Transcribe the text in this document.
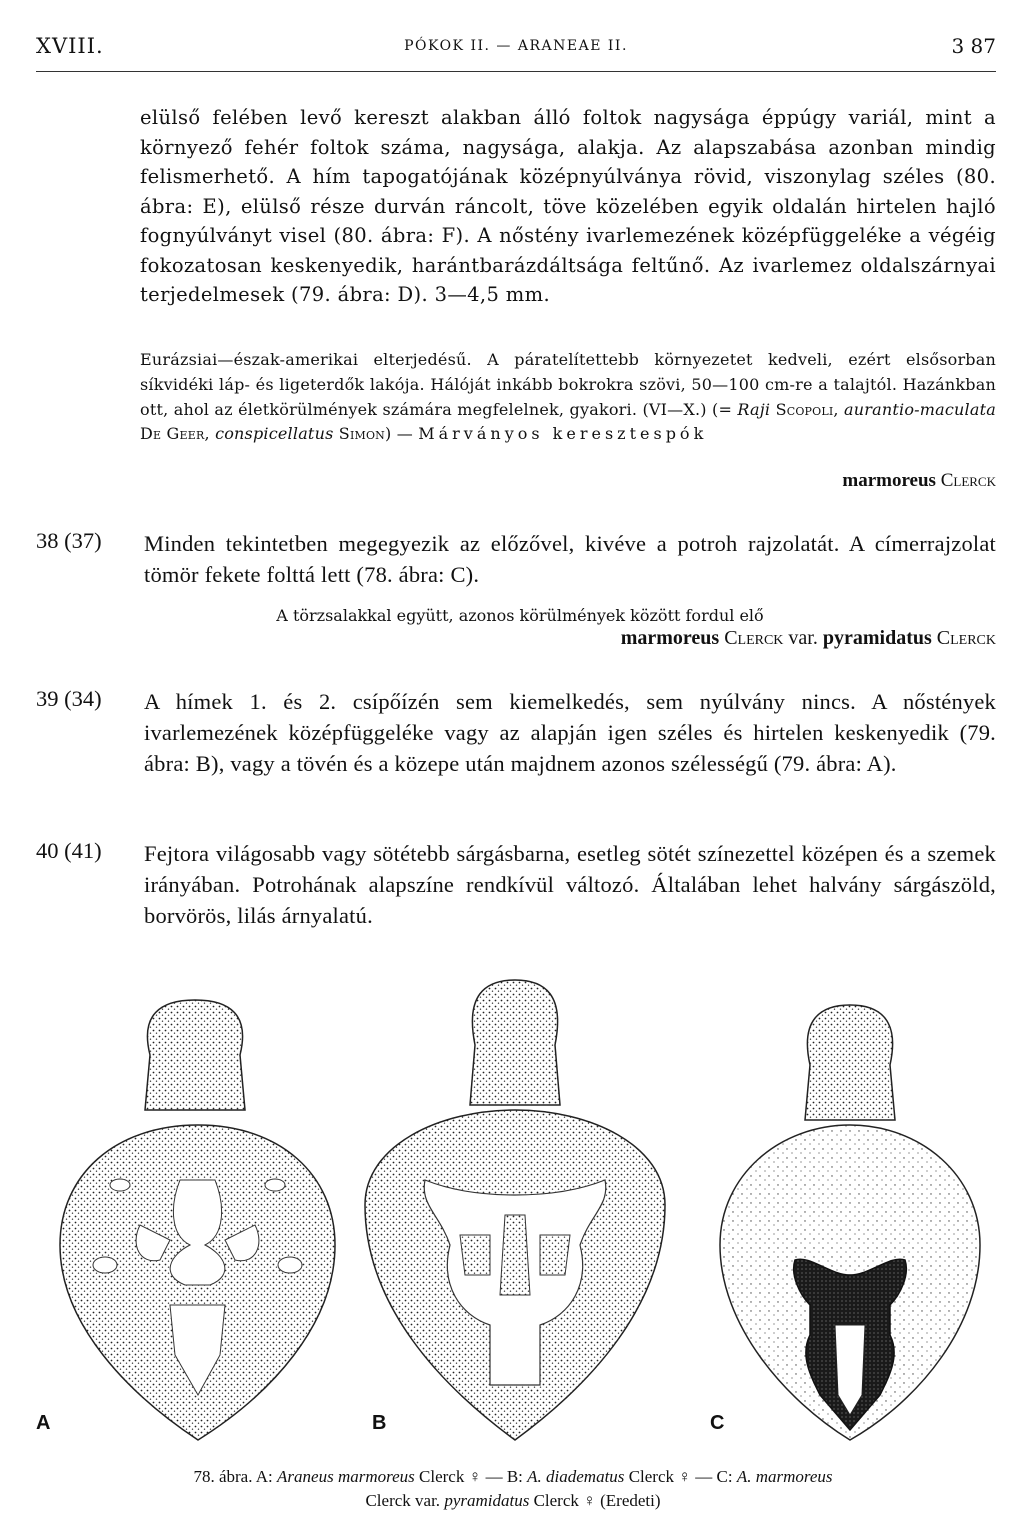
XVIII.	PÓKOK II. — ARANEAE II.	3 87

elülső felében levő kereszt alakban álló foltok nagysága éppúgy variál, mint a környező fehér foltok száma, nagysága, alakja. Az alapszabása azonban mindig felismerhető. A hím tapogatójának középnyúlványa rövid, viszonylag széles (80. ábra: E), elülső része durván ráncolt, töve közelében egyik oldalán hirtelen hajló fognyúlványt visel (80. ábra: F). A nőstény ivarlemezének középfüggeléke a végéig fokozatosan keskenyedik, harántbarázdáltsága feltűnő. Az ivarlemez oldalszárnyai terjedelmesek (79. ábra: D). 3—4,5 mm.

Eurázsiai—észak-amerikai elterjedésű. A páratelítettebb környezetet kedveli, ezért elsősorban síkvidéki láp- és ligeterdők lakója. Hálóját inkább bokrokra szövi, 50—100 cm-re a talajtól. Hazánkban ott, ahol az életkörülmények számára megfelelnek, gyakori. (VI—X.) (= Raji Scopoli, aurantio-maculata De Geer, conspicellatus Simon) — Márványos keresztespók

marmoreus Clerck
38 (37) Minden tekintetben megegyezik az előzővel, kivéve a potroh rajzolatát. A címerrajzolat tömör fekete folttá lett (78. ábra: C).

A törzsalakkal együtt, azonos körülmények között fordul elő

marmoreus Clerck var. pyramidatus Clerck
39 (34) A hímek 1. és 2. csípőízén sem kiemelkedés, sem nyúlvány nincs. A nőstények ivarlemezének középfüggeléke vagy az alapján igen széles és hirtelen keskenyedik (79. ábra: B), vagy a tövén és a közepe után majdnem azonos szélességű (79. ábra: A).

40 (41) Fejtora világosabb vagy sötétebb sárgásbarna, esetleg sötét színezettel középen és a szemek irányában. Potrohának alapszíne rendkívül változó. Általában lehet halvány sárgászöld, borvörös, lilás árnyalatú.

A	B	C
78. ábra. A: Araneus marmoreus Clerck ♀ — B: A. diadematus Clerck ♀ — C: A. marmoreus
Clerck var. pyramidatus Clerck ♀ (Eredeti)
